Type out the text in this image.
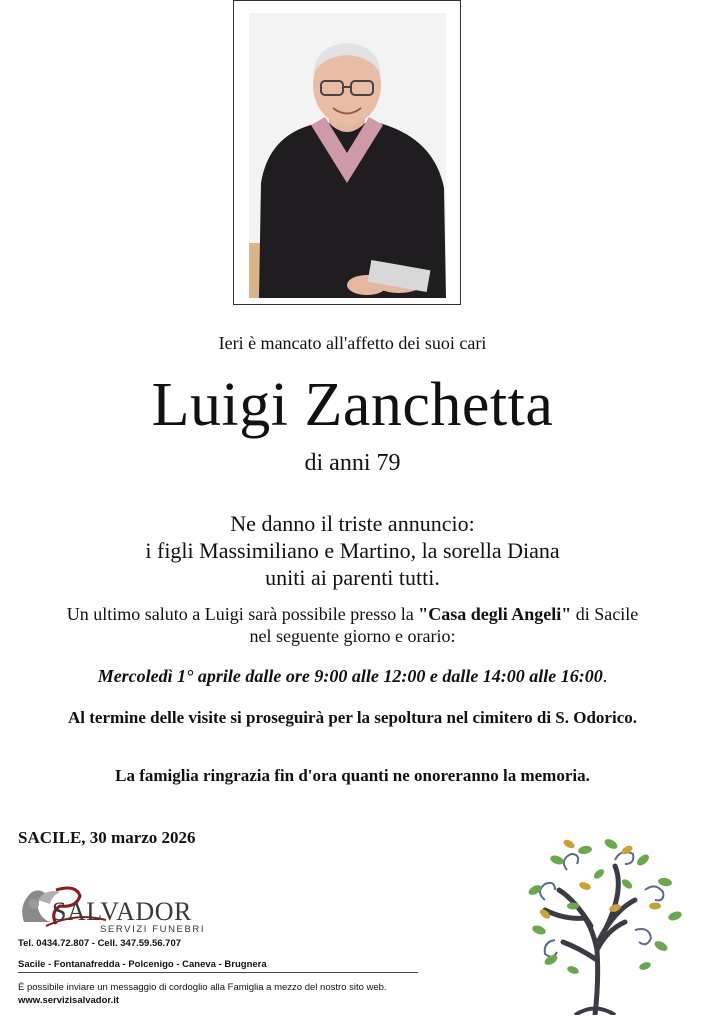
Ieri è mancato all'affetto dei suoi cari
Luigi Zanchetta
di anni 79
Ne danno il triste annuncio:
i figli Massimiliano e Martino, la sorella Diana
uniti ai parenti tutti.
Un ultimo saluto a Luigi sarà possibile presso la "Casa degli Angeli" di Sacile
nel seguente giorno e orario:
Mercoledì 1° aprile dalle ore 9:00 alle 12:00 e dalle 14:00 alle 16:00.
Al termine delle visite si proseguirà per la sepoltura nel cimitero di S. Odorico.
La famiglia ringrazia fin d'ora quanti ne onoreranno la memoria.
SACILE, 30 marzo 2026
SALVADOR
SERVIZI FUNEBRI
Tel. 0434.72.807 - Cell. 347.59.56.707
Sacile - Fontanafredda - Polcenigo - Caneva - Brugnera
È possibile inviare un messaggio di cordoglio alla Famiglia a mezzo del nostro sito web.
www.servizisalvador.it
